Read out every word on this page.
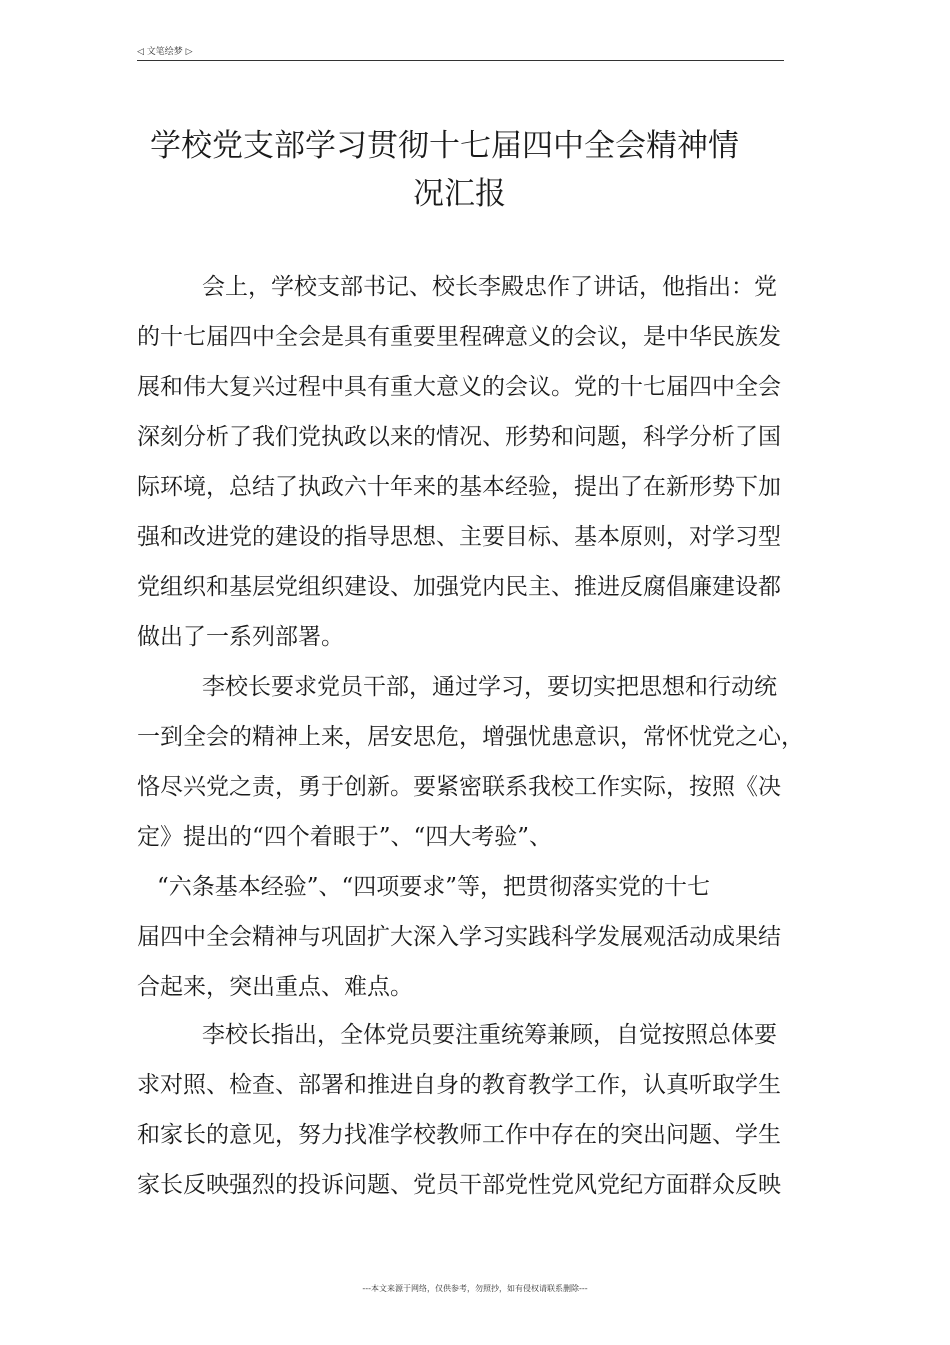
◁ 文笔绘梦 ▷
学校党支部学习贯彻十七届四中全会精神情
况汇报
会上，学校支部书记、校长李殿忠作了讲话，他指出：党
的十七届四中全会是具有重要里程碑意义的会议，是中华民族发
展和伟大复兴过程中具有重大意义的会议。党的十七届四中全会
深刻分析了我们党执政以来的情况、形势和问题，科学分析了国
际环境，总结了执政六十年来的基本经验，提出了在新形势下加
强和改进党的建设的指导思想、主要目标、基本原则，对学习型
党组织和基层党组织建设、加强党内民主、推进反腐倡廉建设都
做出了一系列部署。
李校长要求党员干部，通过学习，要切实把思想和行动统
一到全会的精神上来，居安思危，增强忧患意识，常怀忧党之心，
恪尽兴党之责，勇于创新。要紧密联系我校工作实际，按照《决
定》提出的“四个着眼于”、“四大考验”、
“六条基本经验”、“四项要求”等，把贯彻落实党的十七
届四中全会精神与巩固扩大深入学习实践科学发展观活动成果结
合起来，突出重点、难点。
李校长指出，全体党员要注重统筹兼顾，自觉按照总体要
求对照、检查、部署和推进自身的教育教学工作，认真听取学生
和家长的意见，努力找准学校教师工作中存在的突出问题、学生
家长反映强烈的投诉问题、党员干部党性党风党纪方面群众反映
---本文来源于网络，仅供参考，勿照抄，如有侵权请联系删除---
